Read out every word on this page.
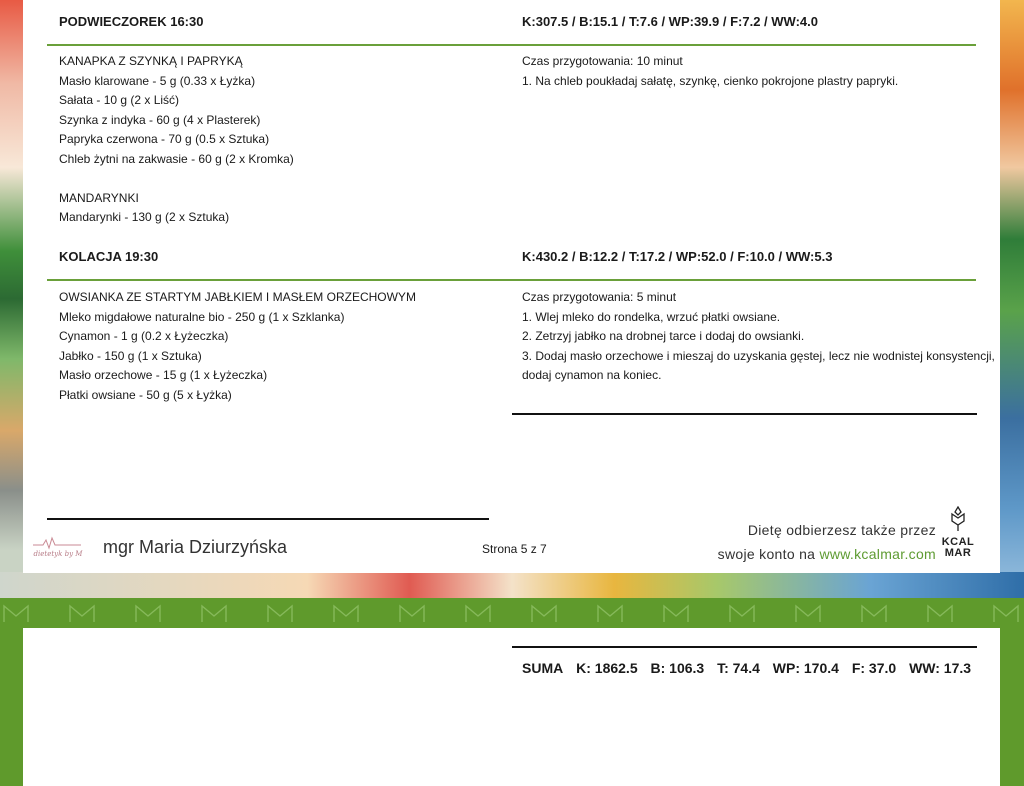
PODWIECZOREK 16:30	K:307.5 / B:15.1 / T:7.6 / WP:39.9 / F:7.2 / WW:4.0
KANAPKA Z SZYNKĄ I PAPRYKĄ
Masło klarowane - 5 g (0.33 x Łyżka)
Sałata - 10 g (2 x Liść)
Szynka z indyka - 60 g (4 x Plasterek)
Papryka czerwona - 70 g (0.5 x Sztuka)
Chleb żytni na zakwasie - 60 g (2 x Kromka)
MANDARYNKI
Mandarynki - 130 g (2 x Sztuka)
Czas przygotowania: 10 minut
1. Na chleb poukładaj sałatę, szynkę, cienko pokrojone plastry papryki.
KOLACJA 19:30	K:430.2 / B:12.2 / T:17.2 / WP:52.0 / F:10.0 / WW:5.3
OWSIANKA ZE STARTYM JABŁKIEM I MASŁEM ORZECHOWYM
Mleko migdałowe naturalne bio - 250 g (1 x Szklanka)
Cynamon - 1 g (0.2 x Łyżeczka)
Jabłko - 150 g (1 x Sztuka)
Masło orzechowe - 15 g (1 x Łyżeczka)
Płatki owsiane - 50 g (5 x Łyżka)
Czas przygotowania: 5 minut
1. Wlej mleko do rondelka, wrzuć płatki owsiane.
2. Zetrzyj jabłko na drobnej tarce i dodaj do owsianki.
3. Dodaj masło orzechowe i mieszaj do uzyskania gęstej, lecz nie wodnistej konsystencji,
dodaj cynamon na koniec.
dietetyk by M mgr Maria Dziurzyńska	Strona 5 z 7
Dietę odbierzesz także przez
swoje konto na www.kcalmar.com
KCAL
MAR
SUMA K: 1862.5 B: 106.3 T: 74.4 WP: 170.4 F: 37.0 WW: 17.3
